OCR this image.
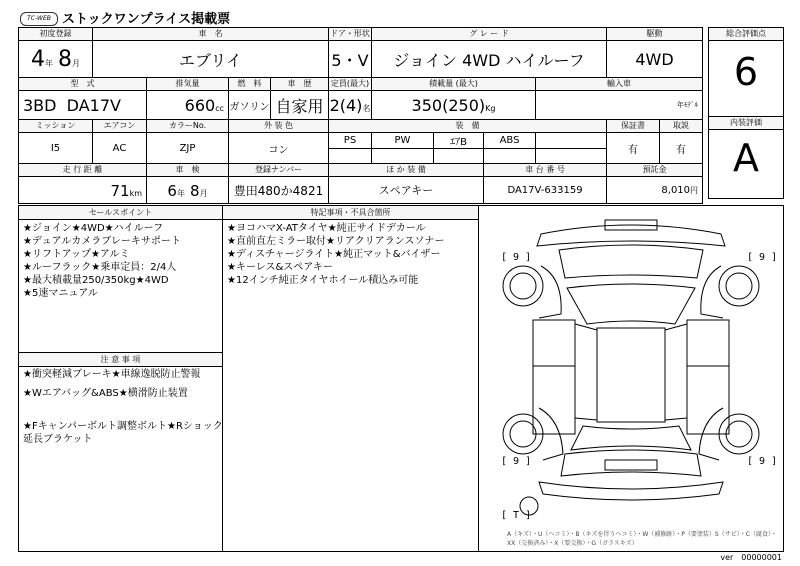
TC-WEB ストックワンプライス掲載票
初度登録	車　名				ドア・形状	グ レ ー ド				駆動	
4年 8月	エブリイ				5・V	ジョイン 4WD ハイルーフ				4WD	
型　式		排気量	燃　料	車　歴	定員(最大)	積載量 (最大)			輸入車		
3BD DA17V		660cc	ガソリン	自家用	2(4)名	350(250)Kg			年ﾓﾃﾞﾙ		
ミッション	エアコン	カラーNo.	外 装 色		装　備					保証書	取説
I5	AC	ZJP	コン		PS	PW	ｴｱB	ABS		有	有

走 行 距 離		車　検	登録ナンバー		ほ か 装 備			車 台 番 号		預託金	
71km		6年 8月	豊田480か4821		スペアキー			DA17V-633159		8,010円	
総合評価点
6
内装評価
A
セールスポイント
★ジョイン★4WD★ハイルーフ
★デュアルカメラブレーキサポート
★リフトアップ★アルミ
★ルーフラック★乗車定員：2/4人
★最大積載量250/350kg★4WD
★5速マニュアル
注 意 事 項
★衝突軽減ブレーキ★車線逸脱防止警報
★Wエアバッグ&ABS★横滑防止装置
★Fキャンパーボルト調整ボルト★Rショック延長ブラケット
特記事項・不具合箇所
★ヨコハマX-ATタイヤ★純正サイドデカール
★直前直左ミラー取付★リアクリアランスソナー
★ディスチャージライト★純正マット&バイザー
★キーレス&スペアキー
★12インチ純正タイヤホイール積込み可能
[ 9 ]	[ 9 ]
[ 9 ]	[ 9 ]
[ T ]
A（キズ）・U（ヘコミ）・B（キズを伴うヘコミ）・W（補修跡）・P（要塗装）S（サビ）・C（腐食）・XX（交換済み）・X（要交換）・G（ガラスキズ）
ver　00000001
